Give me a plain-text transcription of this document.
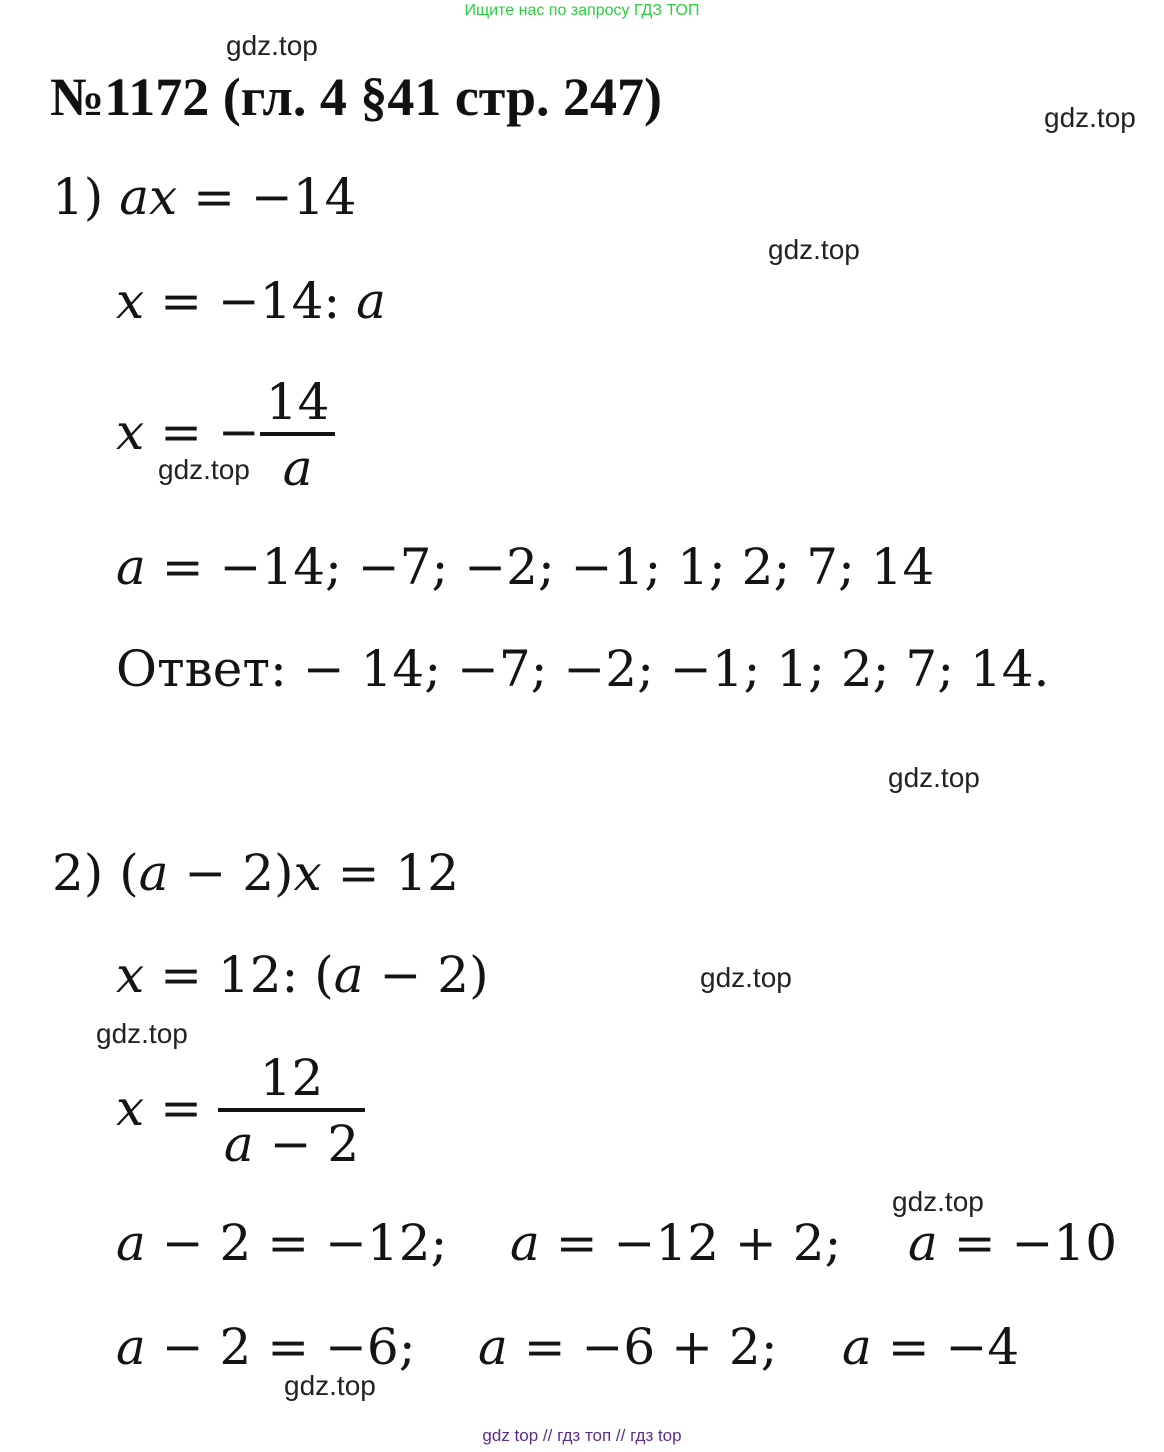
Ищите нас по запросу ГДЗ ТОП
gdz.top
№1172 (гл. 4 §41 стр. 247)	gdz.top
1) ax = −14
gdz.top
x = −14: a
x = − $\frac{14}{a}$
gdz.top
a = −14; −7; −2; −1; 1; 2; 7; 14
Ответ: − 14; −7; −2; −1; 1; 2; 7; 14.
gdz.top
2) (a − 2)x = 12
x = 12: (a − 2)	gdz.top
gdz.top
$x = \frac{12}{a - 2}$
gdz.top
a − 2 = −12; a = −12 + 2; a = −10
a − 2 = −6; a = −6 + 2; a = −4
gdz.top
gdz top // гдз топ // гдз top
